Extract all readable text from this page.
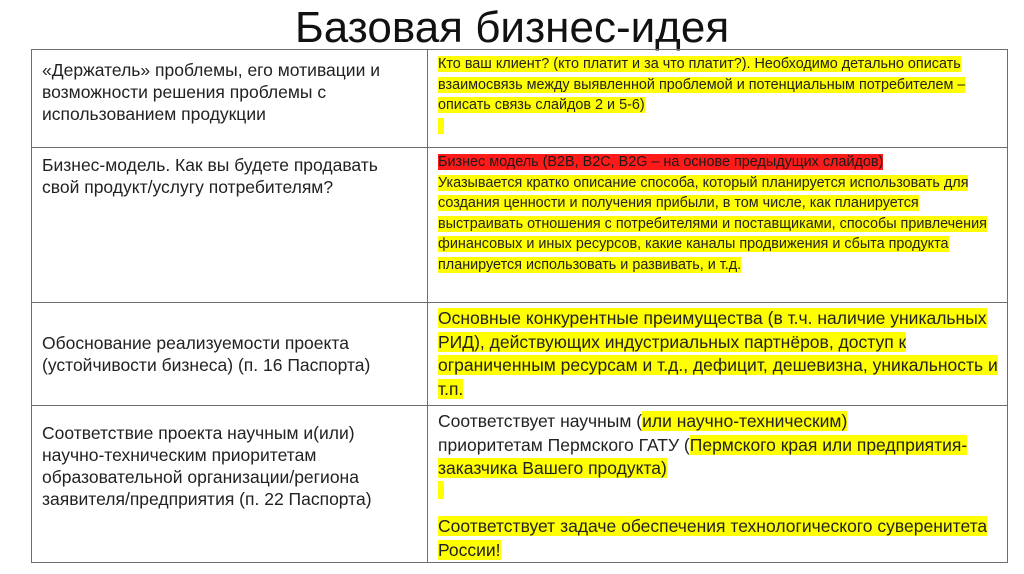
Базовая бизнес-идея
«Держатель» проблемы, его мотивации и возможности решения проблемы с использованием продукции	Кто ваш клиент? (кто платит и за что платит?). Необходимо детально описать взаимосвязь между выявленной проблемой и потенциальным потребителем – описать связь слайдов 2 и 5-6)

Бизнес-модель. Как вы будете продавать свой продукт/услугу потребителям?	Бизнес модель (B2B, B2C, B2G – на основе предыдущих слайдов)
Указывается кратко описание способа, который планируется использовать для создания ценности и получения прибыли, в том числе, как планируется выстраивать отношения с потребителями и поставщиками, способы привлечения финансовых и иных ресурсов, какие каналы продвижения и сбыта продукта планируется использовать и развивать, и т.д.

Обоснование реализуемости проекта (устойчивости бизнеса) (п. 16 Паспорта)	Основные конкурентные преимущества (в т.ч. наличие уникальных РИД), действующих индустриальных партнёров, доступ к ограниченным ресурсам и т.д., дефицит, дешевизна, уникальность и т.п.

Соответствие проекта научным и(или) научно-техническим приоритетам образовательной организации/региона заявителя/предприятия (п. 22 Паспорта)	Соответствует научным (или научно-техническим)
приоритетам Пермского ГАТУ (Пермского края или предприятия-заказчика Вашего продукта)

Соответствует задаче обеспечения технологического суверенитета России!
